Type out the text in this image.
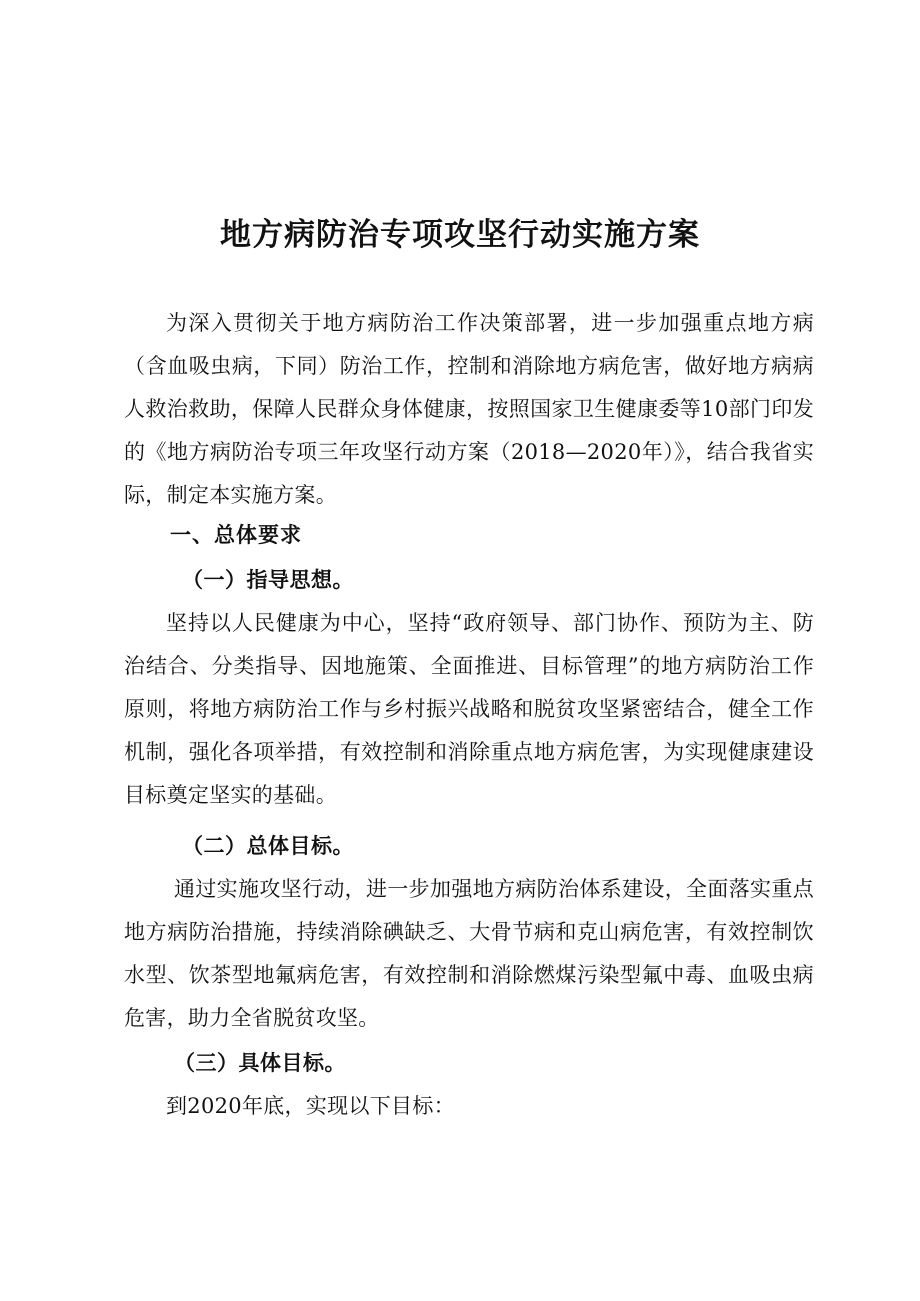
地方病防治专项攻坚行动实施方案

为深入贯彻关于地方病防治工作决策部署，进一步加强重点地方病（含血吸虫病，下同）防治工作，控制和消除地方病危害，做好地方病病人救治救助，保障人民群众身体健康，按照国家卫生健康委等10部门印发的《地方病防治专项三年攻坚行动方案（2018—2020年）》，结合我省实际，制定本实施方案。

一、总体要求
（一）指导思想。

坚持以人民健康为中心，坚持“政府领导、部门协作、预防为主、防治结合、分类指导、因地施策、全面推进、目标管理”的地方病防治工作原则，将地方病防治工作与乡村振兴战略和脱贫攻坚紧密结合，健全工作机制，强化各项举措，有效控制和消除重点地方病危害，为实现健康建设目标奠定坚实的基础。

（二）总体目标。

通过实施攻坚行动，进一步加强地方病防治体系建设，全面落实重点地方病防治措施，持续消除碘缺乏、大骨节病和克山病危害，有效控制饮水型、饮茶型地氟病危害，有效控制和消除燃煤污染型氟中毒、血吸虫病危害，助力全省脱贫攻坚。

（三）具体目标。

到2020年底，实现以下目标：
